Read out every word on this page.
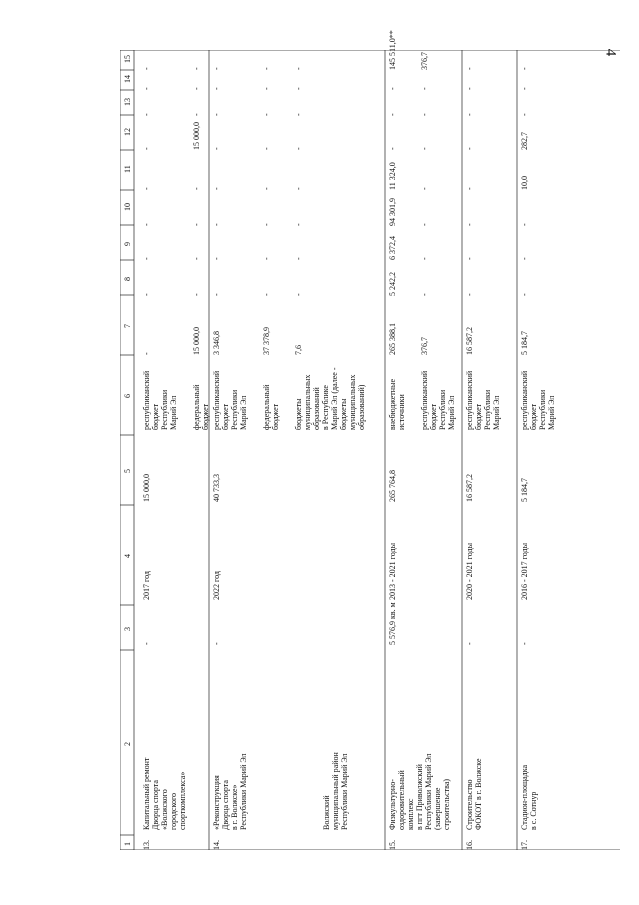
4
1
2
3
4
5
6
7
8
9
10
11
12
13
14
15
13.
Капитальный ремонт
Дворца спорта
«Волжского
городского
спорткомплекса»
-
2017 год
15 000,0
республиканский
бюджет
Республики
Марий Эл
-
-
-
-
-
-
-
-
-
федеральный
бюджет
15 000,0
-
-
-
-
15 000,0
-
-
-
14.
«Реконструкция
Дворца спорта
в г. Волжске»
Республики Марий Эл
-
2022 год
40 733,3
республиканский
бюджет
Республики
Марий Эл
3 346,8
-
-
-
-
-
-
-
-
федеральный
бюджет
37 378,9
-
-
-
-
-
-
-
-
бюджеты
муниципальных
образований
в Республике
Марий Эл (далее -
бюджеты
муниципальных
образований)
7,6
-
-
-
-
-
-
-
-
Волжский
муниципальный район
Республики Марий Эл
15.
Физкультурно-
оздоровительный
комплекс
в пгт Приволжский
Республики Марий Эл
(завершение
строительства)
5 576,9 кв. м
2013 - 2021 годы
265 764,8
внебюджетные
источники
265 388,1
5 242,2
6 372,4
94 301,9
11 324,0
-
-
-
145 511,0**
республиканский
бюджет
Республики
Марий Эл
376,7
-
-
-
-
-
-
-
376,7
16.
Строительство
ФОКОТ в г. Волжске
-
2020 - 2021 годы
16 587,2
республиканский
бюджет
Республики
Марий Эл
16 587,2
-
-
-
-
-
-
-
-
17.
Стадион-площадка
в с. Сотнур
-
2016 - 2017 годы
5 184,7
республиканский
бюджет
Республики
Марий Эл
5 184,7
-
-
-
10,0
282,7
-
-
-
